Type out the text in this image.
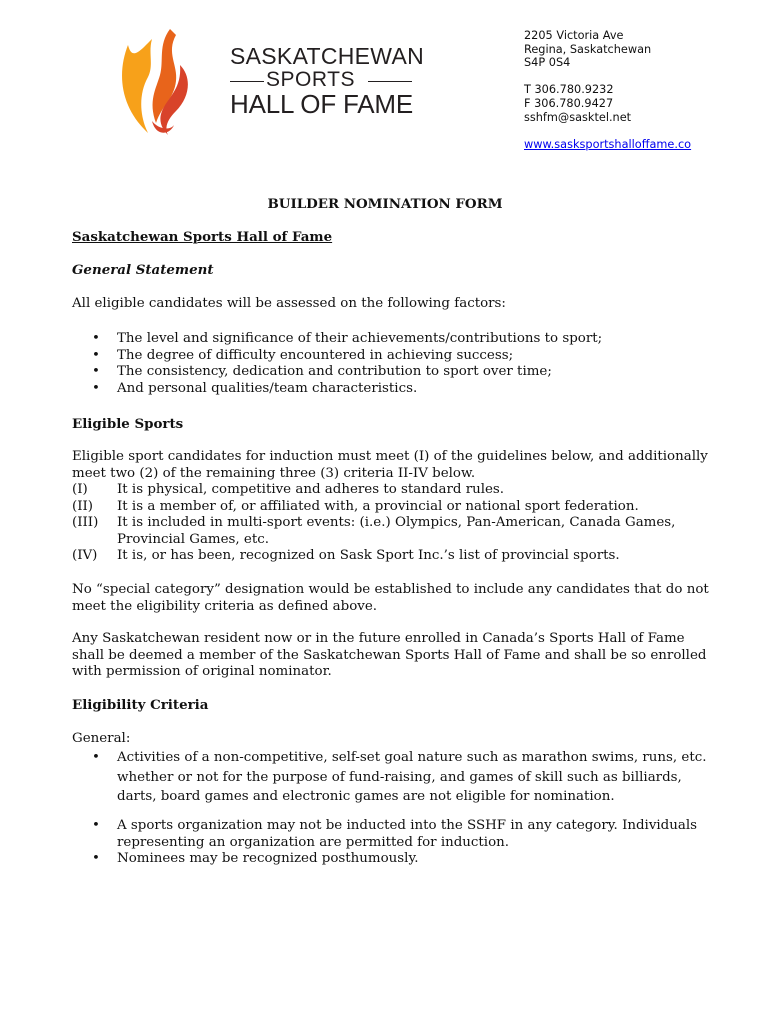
SASKATCHEWAN
SPORTS
HALL OF FAME
2205 Victoria Ave
Regina, Saskatchewan
S4P 0S4
T 306.780.9232
F 306.780.9427
sshfm@sasktel.net
www.sasksportshalloffame.co
BUILDER NOMINATION FORM
Saskatchewan Sports Hall of Fame
General Statement
All eligible candidates will be assessed on the following factors:
• The level and significance of their achievements/contributions to sport;
• The degree of difficulty encountered in achieving success;
• The consistency, dedication and contribution to sport over time;
• And personal qualities/team characteristics.
Eligible Sports
Eligible sport candidates for induction must meet (I) of the guidelines below, and additionally meet two (2) of the remaining three (3) criteria II-IV below.
(I)	It is physical, competitive and adheres to standard rules.
(II)	It is a member of, or affiliated with, a provincial or national sport federation.
(III)	It is included in multi-sport events: (i.e.) Olympics, Pan-American, Canada Games, Provincial Games, etc.
(IV)	It is, or has been, recognized on Sask Sport Inc.’s list of provincial sports.
No “special category” designation would be established to include any candidates that do not meet the eligibility criteria as defined above.
Any Saskatchewan resident now or in the future enrolled in Canada’s Sports Hall of Fame shall be deemed a member of the Saskatchewan Sports Hall of Fame and shall be so enrolled with permission of original nominator.
Eligibility Criteria
General:
• Activities of a non-competitive, self-set goal nature such as marathon swims, runs, etc. whether or not for the purpose of fund-raising, and games of skill such as billiards, darts, board games and electronic games are not eligible for nomination.
• A sports organization may not be inducted into the SSHF in any category. Individuals representing an organization are permitted for induction.
• Nominees may be recognized posthumously.
